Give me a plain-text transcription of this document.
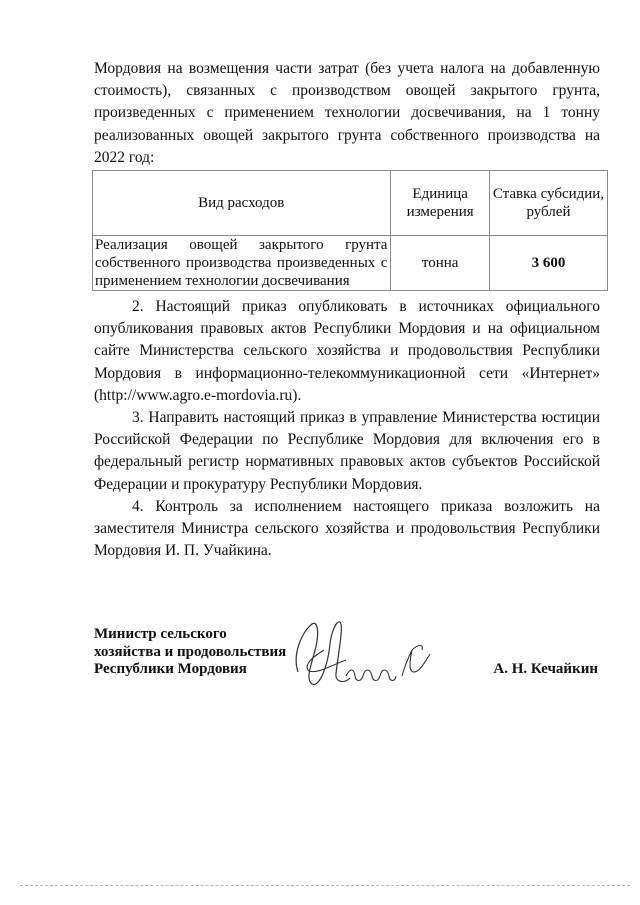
Мордовия на возмещения части затрат (без учета налога на добавленную стоимость), связанных с производством овощей закрытого грунта, произведенных с применением технологии досвечивания, на 1 тонну реализованных овощей закрытого грунта собственного производства на 2022 год:

Вид расходов	Единица измерения	Ставка субсидии, рублей
Реализация овощей закрытого грунта собственного производства произведенных с применением технологии досвечивания	тонна	3 600

2. Настоящий приказ опубликовать в источниках официального опубликования правовых актов Республики Мордовия и на официальном сайте Министерства сельского хозяйства и продовольствия Республики Мордовия в информационно-телекоммуникационной сети «Интернет» (http://www.agro.e-mordovia.ru).

3. Направить настоящий приказ в управление Министерства юстиции Российской Федерации по Республике Мордовия для включения его в федеральный регистр нормативных правовых актов субъектов Российской Федерации и прокуратуру Республики Мордовия.

4. Контроль за исполнением настоящего приказа возложить на заместителя Министра сельского хозяйства и продовольствия Республики Мордовия И. П. Учайкина.

Министр сельского
хозяйства и продовольствия
Республики Мордовия	А. Н. Кечайкин
